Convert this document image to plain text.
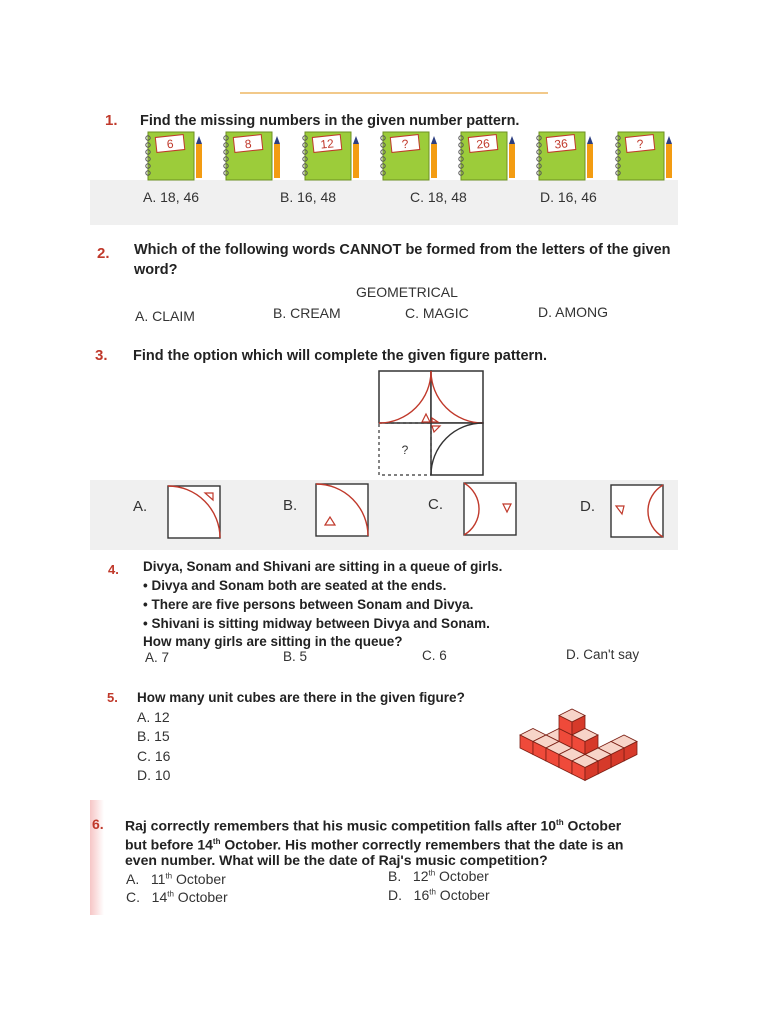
1. Find the missing numbers in the given number pattern.
6	8	12	?	26	36	?
A. 18, 46	B. 16, 48	C. 18, 48	D. 16, 46
2. Which of the following words CANNOT be formed from the letters of the given
word?
GEOMETRICAL
A. CLAIM	B. CREAM	C. MAGIC	D. AMONG
3. Find the option which will complete the given figure pattern.
?
A.	B.	C.	D.
4. Divya, Sonam and Shivani are sitting in a queue of girls.
• Divya and Sonam both are seated at the ends.
• There are five persons between Sonam and Divya.
• Shivani is sitting midway between Divya and Sonam.
How many girls are sitting in the queue?
A. 7	B. 5	C. 6	D. Can't say
5. How many unit cubes are there in the given figure?
A. 12
B. 15
C. 16
D. 10
6. Raj correctly remembers that his music competition falls after 10th October
but before 14th October. His mother correctly remembers that the date is an
even number. What will be the date of Raj's music competition?
A. 11th October	B. 12th October
C. 14th October	D. 16th October
